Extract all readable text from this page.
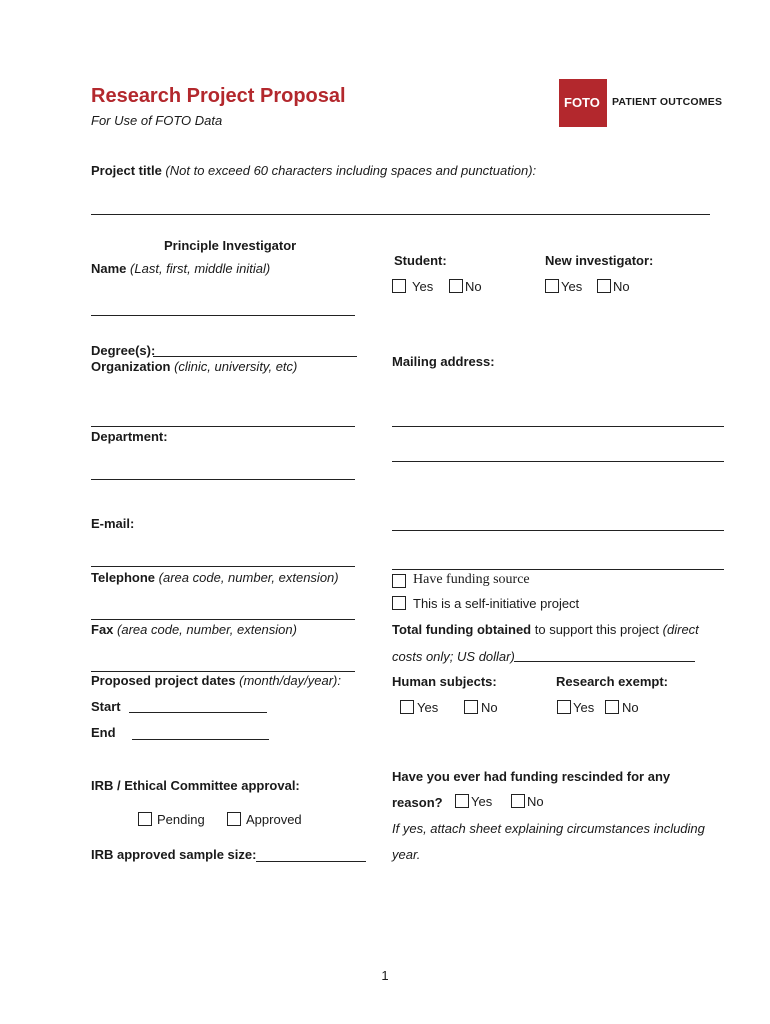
Research Project Proposal
For Use of FOTO Data
FOTO PATIENT OUTCOMES
Project title (Not to exceed 60 characters including spaces and punctuation):
Principle Investigator
Name (Last, first, middle initial)
Degree(s):
Organization (clinic, university, etc)
Department:
E-mail:
Telephone (area code, number, extension)
Fax (area code, number, extension)
Proposed project dates (month/day/year):
Start
End
Student:
Yes No
New investigator:
Yes No
Mailing address:
Have funding source
This is a self-initiative project
Total funding obtained to support this project (direct
costs only; US dollar)
Human subjects:
Yes	No
Research exempt:
Yes No
IRB / Ethical Committee approval:
Pending	Approved
IRB approved sample size:
Have you ever had funding rescinded for any
reason? Yes	No
If yes, attach sheet explaining circumstances including
year.
1
